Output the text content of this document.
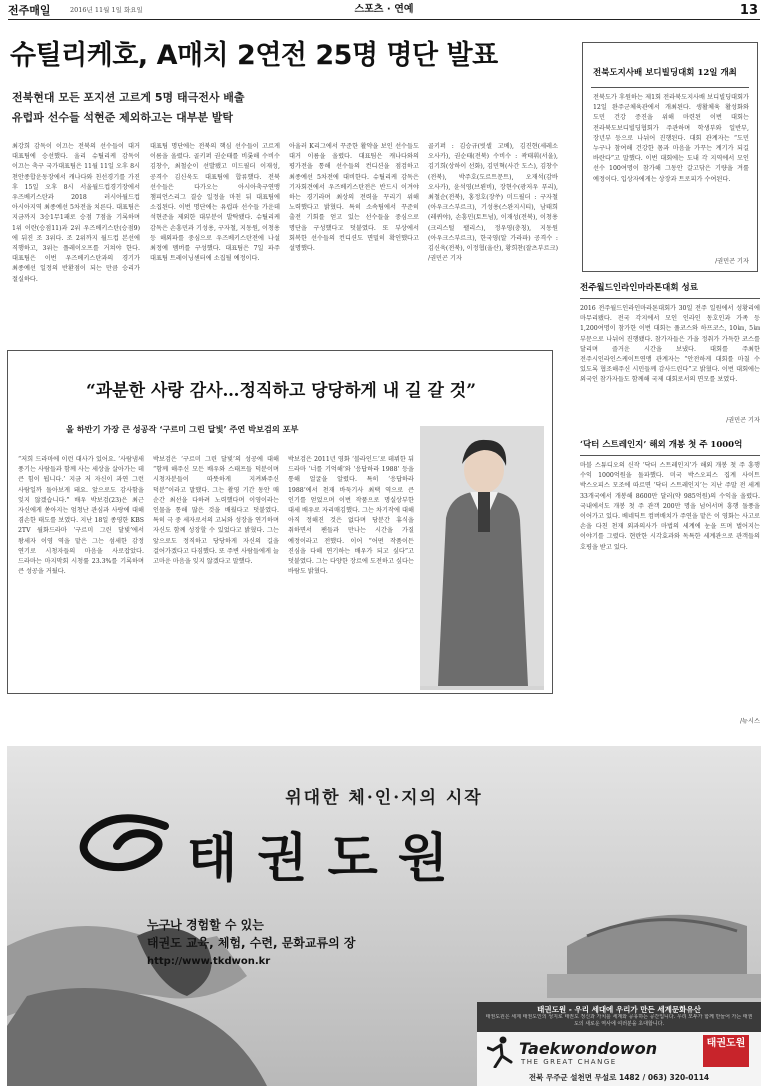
전주매일	2016년 11월 1일 화요일	스포츠 · 연예	13
슈틸리케호, A매치 2연전 25명 명단 발표
전북현대 모든 포지션 고르게 5명 태극전사 배출
유럽파 선수들 석현준 제외하고는 대부분 발탁
최강희 감독이 이끄는 전북의 선수들이 대거 대표팀에 승선했다. 울리 슈틸리케 감독이 이끄는 축구 국가대표팀은 11월 11일 오후 8시 천안종합운동장에서 캐나다와 친선경기를 가진 후 15일 오후 8시 서울월드컵경기장에서 우즈베키스탄과 2018 러시아월드컵 아시아지역 최종예선 5차전을 치른다. 대표팀은 지금까지 3승1무1패로 승점 7점을 기록하며 1위 이란(승점11)과 2위 우즈베키스탄(승점9)에 뒤진 조 3위다. 조 2위까지 월드컵 본선에 직행하고, 3위는 플레이오프를 거쳐야 한다. 대표팀은 이번 우즈베키스탄과의 경기가 최종예선 일정의 반환점이 되는 만큼 승리가 절실하다.
대표팀 명단에는 전북의 핵심 선수들이 고르게 이름을 올렸다. 골키퍼 권순태를 비롯해 수비수 김창수, 최철순이 선발됐고 미드필더 이재성, 공격수 김신욱도 대표팀에 합류했다. 전북 선수들은 다가오는 아시아축구연맹 챔피언스리그 결승 일정을 마친 뒤 대표팀에 소집된다. 이번 명단에는 유럽파 선수들 가운데 석현준을 제외한 대부분이 발탁됐다. 슈틸리케 감독은 손흥민과 기성용, 구자철, 지동원, 이청용 등 해외파를 중심으로 우즈베키스탄전에 나설 최정예 멤버를 구성했다. 대표팀은 7일 파주 대표팀 트레이닝센터에 소집될 예정이다.
아울러 K리그에서 꾸준한 활약을 보인 선수들도 대거 이름을 올렸다. 대표팀은 캐나다와의 평가전을 통해 선수들의 컨디션을 점검하고 최종예선 5차전에 대비한다. 슈틸리케 감독은 기자회견에서 우즈베키스탄전은 반드시 이겨야 하는 경기라며 최상의 전력을 꾸리기 위해 노력했다고 밝혔다. 특히 소속팀에서 꾸준히 출전 기회를 얻고 있는 선수들을 중심으로 명단을 구성했다고 덧붙였다. 또 부상에서 회복한 선수들의 컨디션도 면밀히 확인했다고 설명했다.
골키퍼 : 김승규(빗셀 고베), 김진현(세레소 오사카), 권순태(전북) 수비수 : 곽태휘(서울), 김기희(상하이 선화), 김민혁(사간 도스), 김창수(전북), 박주호(도르트문트), 오재석(감바 오사카), 윤석영(브뢴비), 장현수(광저우 푸리), 최철순(전북), 홍정호(장쑤) 미드필더 : 구자철(아우크스부르크), 기성용(스완지시티), 남태희(레퀴야), 손흥민(토트넘), 이재성(전북), 이청용(크리스털 팰리스), 정우영(충칭), 지동원(아우크스부르크), 한국영(알 가라파) 공격수 : 김신욱(전북), 이정협(울산), 황희찬(잘츠부르크) /권민곤 기자
“과분한 사랑 감사…정직하고 당당하게 내 길 갈 것”
올 하반기 가장 큰 성공작 ‘구르미 그린 달빛’ 주연 박보검의 포부
“저희 드라마에 이런 대사가 있어요. ‘사람냄새 풍기는 사람들과 함께 사는 세상을 살아가는 데 큰 힘이 됩니다.’ 지금 저 자신이 과연 그런 사람일까 돌아보게 돼요. 앞으로도 감사함을 잊지 않겠습니다.” 배우 박보검(23)은 최근 자신에게 쏟아지는 엄청난 관심과 사랑에 대해 겸손한 태도를 보였다. 지난 18일 종영한 KBS 2TV 월화드라마 ‘구르미 그린 달빛’에서 왕세자 이영 역을 맡은 그는 섬세한 감정 연기로 시청자들의 마음을 사로잡았다. 드라마는 마지막회 시청률 23.3%를 기록하며 큰 성공을 거뒀다.
박보검은 ‘구르미 그린 달빛’의 성공에 대해 “함께 해주신 모든 배우와 스태프들 덕분이며 시청자분들이 따뜻하게 지켜봐주신 덕분”이라고 말했다. 그는 촬영 기간 동안 매 순간 최선을 다하려 노력했다며 이영이라는 인물을 통해 많은 것을 배웠다고 덧붙였다. 특히 극 중 세자로서의 고뇌와 성장을 연기하며 자신도 함께 성장할 수 있었다고 밝혔다. 그는 앞으로도 정직하고 당당하게 자신의 길을 걸어가겠다고 다짐했다. 또 주변 사람들에게 늘 고마운 마음을 잊지 않겠다고 말했다.
박보검은 2011년 영화 ‘블라인드’로 데뷔한 뒤 드라마 ‘너를 기억해’와 ‘응답하라 1988’ 등을 통해 얼굴을 알렸다. 특히 ‘응답하라 1988’에서 천재 바둑기사 최택 역으로 큰 인기를 얻었으며 이번 작품으로 명실상부한 대세 배우로 자리매김했다. 그는 차기작에 대해 아직 정해진 것은 없다며 당분간 휴식을 취하면서 팬들과 만나는 시간을 가질 예정이라고 전했다. 이어 “어떤 작품이든 진심을 다해 연기하는 배우가 되고 싶다”고 덧붙였다. 그는 다양한 장르에 도전하고 싶다는 바람도 밝혔다.
전북도지사배 보디빌딩대회 12일 개최
전북도가 후원하는 제1회 전라북도지사배 보디빌딩대회가 12일 완주군체육관에서 개최된다. 생활체육 활성화와 도민 건강 증진을 위해 마련된 이번 대회는 전라북도보디빌딩협회가 주관하며 학생부와 일반부, 장년부 등으로 나뉘어 진행된다. 대회 관계자는 “도민 누구나 참여해 건강한 몸과 마음을 가꾸는 계기가 되길 바란다”고 말했다. 이번 대회에는 도내 각 지역에서 모인 선수 100여명이 참가해 그동안 갈고닦은 기량을 겨룰 예정이다. 입상자에게는 상장과 트로피가 수여된다.
/권민곤 기자
전주월드인라인마라톤대회 성료
2016 전주월드인라인마라톤대회가 30일 전주 일원에서 성황리에 마무리됐다. 전국 각지에서 모인 인라인 동호인과 가족 등 1,200여명이 참가한 이번 대회는 풀코스와 하프코스, 10㎞, 5㎞ 부문으로 나뉘어 진행됐다. 참가자들은 가을 정취가 가득한 코스를 달리며 즐거운 시간을 보냈다. 대회를 주최한 전주시인라인스케이트연맹 관계자는 “안전하게 대회를 마칠 수 있도록 협조해주신 시민들께 감사드린다”고 밝혔다. 이번 대회에는 외국인 참가자들도 함께해 국제 대회로서의 면모를 보였다.
/권민곤 기자
‘닥터 스트레인지’ 해외 개봉 첫 주 1000억
마블 스튜디오의 신작 ‘닥터 스트레인지’가 해외 개봉 첫 주 흥행 수익 1000억원을 돌파했다. 미국 박스오피스 집계 사이트 박스오피스 모조에 따르면 ‘닥터 스트레인지’는 지난 주말 전 세계 33개국에서 개봉해 8600만 달러(약 985억원)의 수익을 올렸다. 국내에서도 개봉 첫 주 관객 200만 명을 넘어서며 흥행 돌풍을 이어가고 있다. 베네딕트 컴버배치가 주연을 맡은 이 영화는 사고로 손을 다친 천재 외과의사가 마법의 세계에 눈을 뜨며 벌어지는 이야기를 그렸다. 현란한 시각효과와 독특한 세계관으로 관객들의 호평을 받고 있다.
/뉴시스
위대한 체·인·지의 시작
태권도원
누구나 경험할 수 있는
태권도 교육, 체험, 수련, 문화교류의 장
http://www.tkdwon.kr
태권도원 - 우리 세대에 우리가 만든 세계문화유산
태권도원은 세계 태권도인의 성지로 태권도 정신과 가치를 세계와 공유하는 공간입니다. 우리 모두가 함께 만들어 가는 태권도의 새로운 역사에 여러분을 초대합니다.
Taekwondowon
THE GREAT CHANGE
태권도원
전북 무주군 설천면 무설로 1482 / 063) 320-0114
